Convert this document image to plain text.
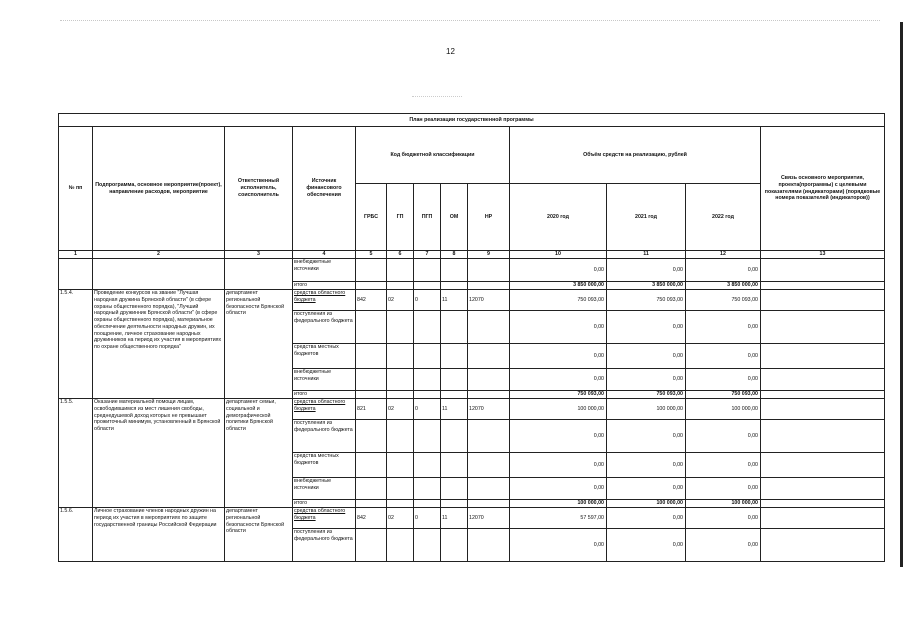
12
План реализации государственной программы												
№ пп	Подпрограмма, основное мероприятие(проект), направление расходов, мероприятие	Ответственный исполнитель, соисполнитель	Источник финансового обеспечения	Код бюджетной классификации					Объём средств на реализацию, рублей			Связь основного мероприятия, проекта(программы) с целевыми показателями (индикаторами) (порядковые номера показателей (индикаторов))
				ГРБС	ГП	ПГП	ОМ	НР	2020 год	2021 год	2022 год	
1	2	3	4	5	6	7	8	9	10	11	12	13
			внебюджетные источники						0,00	0,00	0,00	
			итого						3 850 000,00	3 850 000,00	3 850 000,00	
1.5.4.	Проведение конкурсов на звание "Лучшая народная дружина Брянской области" (в сфере охраны общественного порядка), "Лучший народный дружинник Брянской области" (в сфере охраны общественного порядка), материальное обеспечение деятельности народных дружин, их поощрение, личное страхование народных дружинников на период их участия в мероприятиях по охране общественного порядка"	департамент региональной безопасности Брянской области	средства областного бюджета	842	02	0	11	12070	750 093,00	750 093,00	750 093,00	
			поступления из федерального бюджета						0,00	0,00	0,00	
			средства местных бюджетов						0,00	0,00	0,00	
			внебюджетные источники						0,00	0,00	0,00	
			итого						750 093,00	750 093,00	750 093,00	
1.5.5.	Оказание материальной помощи лицам, освободившимся из мест лишения свободы, среднедушевой доход которых не превышает прожиточный минимум, установленный в Брянской области	департамент семьи, социальной и демографической политики Брянской области	средства областного бюджета	821	02	0	11	12070	100 000,00	100 000,00	100 000,00	
			поступления из федерального бюджета						0,00	0,00	0,00	
			средства местных бюджетов						0,00	0,00	0,00	
			внебюджетные источники						0,00	0,00	0,00	
			итого						100 000,00	100 000,00	100 000,00	
1.5.6.	Личное страхование членов народных дружин на период их участия в мероприятиях по защите государственной границы Российской Федерации	департамент региональной безопасности Брянской области	средства областного бюджета	842	02	0	11	12070	57 597,00	0,00	0,00	
			поступления из федерального бюджета						0,00	0,00	0,00	
